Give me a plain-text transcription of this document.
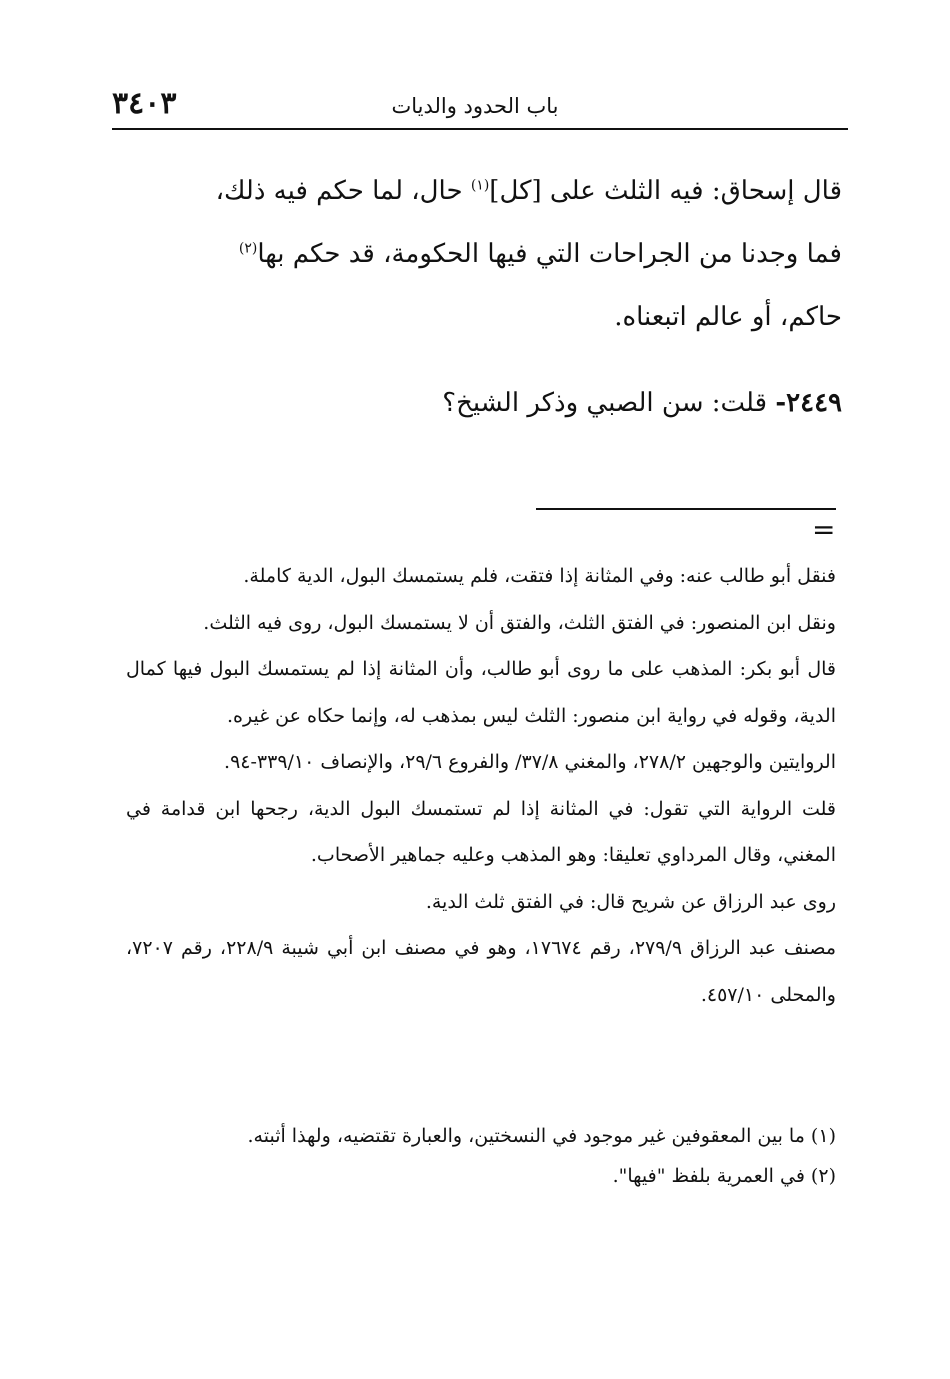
٣٤٠٣	باب الحدود والديات

قال إسحاق: فيه الثلث على [كل]$^{(١)}$ حال، لما حكم فيه ذلك،

فما وجدنا من الجراحات التي فيها الحكومة، قد حكم بها$^{(٢)}$

حاكم، أو عالم اتبعناه.

٢٤٤٩- قلت: سن الصبي وذكر الشيخ؟
=

فنقل أبو طالب عنه: وفي المثانة إذا فتقت، فلم يستمسك البول، الدية كاملة.

ونقل ابن المنصور: في الفتق الثلث، والفتق أن لا يستمسك البول، روى فيه الثلث.

قال أبو بكر: المذهب على ما روى أبو طالب، وأن المثانة إذا لم يستمسك البول فيها كمال الدية، وقوله في رواية ابن منصور: الثلث ليس بمذهب له، وإنما حكاه عن غيره.

الروايتين والوجهين ٢٧٨/٢، والمغني ٣٧/٨/ والفروع ٢٩/٦، والإنصاف ٣٣٩/١٠-٩٤.

قلت الرواية التي تقول: في المثانة إذا لم تستمسك البول الدية، رجحها ابن قدامة في المغني، وقال المرداوي تعليقا: وهو المذهب وعليه جماهير الأصحاب.

روى عبد الرزاق عن شريح قال: في الفتق ثلث الدية.

مصنف عبد الرزاق ٢٧٩/٩، رقم ١٧٦٧٤، وهو في مصنف ابن أبي شيبة ٢٢٨/٩، رقم ٧٢٠٧، والمحلى ٤٥٧/١٠.

(١) ما بين المعقوفين غير موجود في النسختين، والعبارة تقتضيه، ولهذا أثبته.

(٢) في العمرية بلفظ "فيها".
